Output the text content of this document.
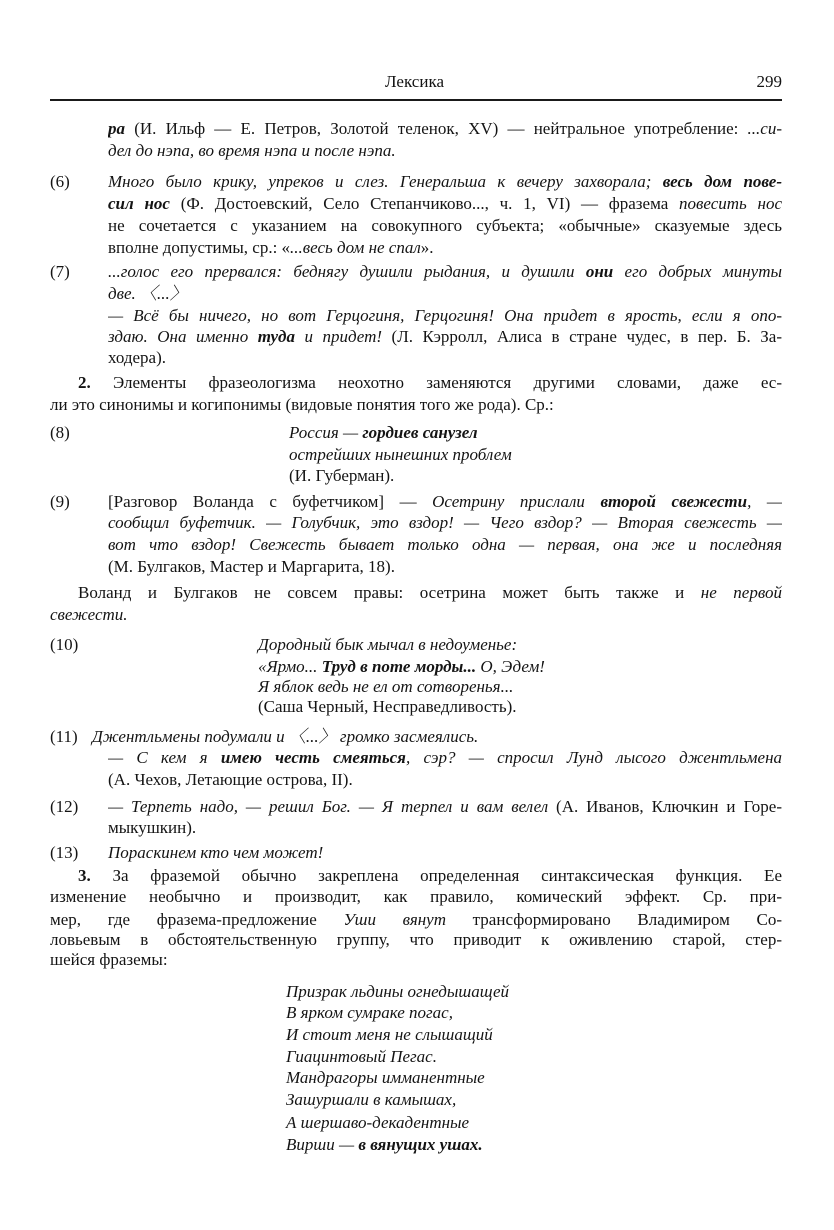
Лексика	299
(6)
(7)
(8)
(9)
(10)
(11)
(12)
(13)
ра (И. Ильф — Е. Петров, Золотой теленок, XV) — нейтральное употребление: ...си-
дел до нэпа, во время нэпа и после нэпа.
Много было крику, упреков и слез. Генеральша к вечеру захворала; весь дом пове-
сил нос (Ф. Достоевский, Село Степанчиково..., ч. 1, VI) — фразема повесить нос
не сочетается с указанием на совокупного субъекта; «обычные» сказуемые здесь
вполне допустимы, ср.: «...весь дом не спал».
...голос его прервался: беднягу душили рыдания, и душили они его добрых минуты
две. 〈...〉
— Всё бы ничего, но вот Герцогиня, Герцогиня! Она придет в ярость, если я опо-
здаю. Она именно туда и придет! (Л. Кэрролл, Алиса в стране чудес, в пер. Б. За-
ходера).
2. Элементы фразеологизма неохотно заменяются другими словами, даже ес-
ли это синонимы и когипонимы (видовые понятия того же рода). Ср.:
Россия — гордиев санузел
острейших нынешних проблем
(И. Губерман).
[Разговор Воланда с буфетчиком] — Осетрину прислали второй свежести, —
сообщил буфетчик. — Голубчик, это вздор! — Чего вздор? — Вторая свежесть —
вот что вздор! Свежесть бывает только одна — первая, она же и последняя
(М. Булгаков, Мастер и Маргарита, 18).
Воланд и Булгаков не совсем правы: осетрина может быть также и не первой
свежести.
Дородный бык мычал в недоуменье:
«Ярмо... Труд в поте морды... О, Эдем!
Я яблок ведь не ел от сотворенья...
(Саша Черный, Несправедливость).
Джентльмены подумали и 〈...〉 громко засмеялись.
— С кем я имею честь смеяться, сэр? — спросил Лунд лысого джентльмена
(А. Чехов, Летающие острова, II).
— Терпеть надо, — решил Бог. — Я терпел и вам велел (А. Иванов, Ключкин и Горе-
мыкушкин).
Пораскинем кто чем может!
3. За фраземой обычно закреплена определенная синтаксическая функция. Ее
изменение необычно и производит, как правило, комический эффект. Ср. при-
мер, где фразема-предложение Уши вянут трансформировано Владимиром Со-
ловьевым в обстоятельственную группу, что приводит к оживлению старой, стер-
шейся фраземы:
Призрак льдины огнедышащей
В ярком сумраке погас,
И стоит меня не слышащий
Гиацинтовый Пегас.
Мандрагоры имманентные
Зашуршали в камышах,
А шершаво-декадентные
Вирши — в вянущих ушах.
